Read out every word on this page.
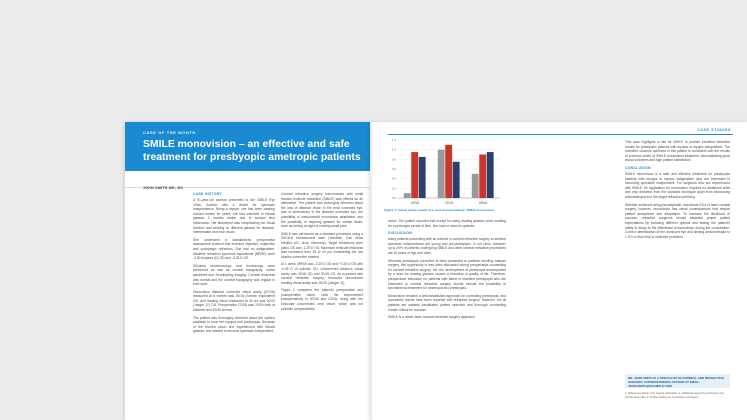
CASE OF THE MONTH
SMILE monovision – an effective and safe treatment for presbyopic ametropic patients
JOHN SMITH MD, DO
CASE HISTORY

A 51-year-old woman presented to the SMILE Eye Clinic, Austria, with a desire for spectacle independence. Being a myope, she had been wearing contact lenses for years, but had switched to bifocal glasses 2 months earlier due to contact lens intolerance. Her discomfort was complicating her visual function and working on different glasses for distance, intermediate and near vision.

She underwent a standardized preoperative assessment protocol that included objective, subjective and cycloplegic refraction. She had no astigmatism. Manifest refraction spherical equivalents (MRSE) were -3.50 dioptres (D) OD and -3.25 D OS.

Slit-lamp biomicroscopy and fundoscopy were performed as well as corneal topography, ocular wavefront and Scheimpflug imaging. Corneal thickness was normal and the corneal topography was regular in both eyes.

Monovision distance corrected visual acuity (DCVA) measured at 6 metres was 20/16 (Snellen equivalent) OU, and reading vision measured at 40 cm was 20/20 (Jaeger J1) OU. Preoperative CDVA was 20/16 both at distance and 20/25 at near.

The patient was thoroughly informed about the options available to treat her myopia and presbyopia. Because of the blurred vision she experienced with bifocal glasses, she wanted to become spectacle independent.

Corneal refractive surgery microincision with small incision lenticule extraction (SMILE) was offered as an alternative. The patient was thoroughly informed about the loss of distance vision in the near corrected eye, loss of stereovision in the distance corrected eye, the possibility of unsuccessful monovision adaptation, and the possibility of requiring glasses for certain tasks, such as driving at night or reading small print.

SMILE was performed as a standard procedure using a 500-kHz femtosecond laser (VisuMax, Carl Zeiss Meditec AG, Jena, Germany). Target refractions were plano OD and -1.25 D OS. Maximum lenticule thickness was increased from 35 to 40 µm considering the low dioptric correction needed.

At 1 week, MRSE was -0.25 D OD and +0.25 D OS with -0.25 D of cylinder OU. Uncorrected distance visual acuity was 20/40 OD and 20/16 OS. As expected with corneal refractive surgery, binocular uncorrected reading visual acuity was 20/25 (Jaeger J1).

Figure 1 compares the patient's preoperative and postoperative vision. Note the improvement postoperatively in UDVA and CDVA, along with her binocular uncorrected near vision, which was not possible preoperatively.

CASE STUDIES
0.0
0.2
0.4
0.6
0.8
1.0
1.2
UDVA	CDVA	UNVA
Figure 1: Visual acuity results pre- and postoperatively, SMILE monovision.

vision. The patient reported that except for using reading glasses when working for a prolonged period of time, she had no need for glasses.

DISCUSSION

Many patients presenting with an interest in corneal refractive surgery to achieve spectacle independence are young and pre-presbyopic. In our clinic, however, up to 20% of patients undergoing SMILE and other corneal refractive procedures are 40 years of age and older.

Whereas presbyopia correction is often presented to patients needing cataract surgery, this opportunity is less often discussed during preoperative counselling for corneal refractive surgery. Yet, the development of presbyopia accompanied by a need for reading glasses causes a reduction in quality of life. Therefore, preoperative education for patients with latent or manifest presbyopia who are interested in corneal refractive surgery should include the possibility of simultaneous treatment for ametropia and presbyopia.

Monovision remains a well-established approach for correcting presbyopia, and successful results have been reported with refractive surgery. However, not all patients are suitable candidates; patient selection and thorough counselling remain critical for success.

SMILE is a newer laser corneal refractive surgery approach.

This case highlights a role for SMILE to provide excellent refractive results for presbyopic patients with myopia or myopic astigmatism. The excellent outcome achieved in this patient is consistent with the results of previous series of SMILE monovision treatment, demonstrating good visual outcomes and high patient satisfaction.

CONCLUSION

SMILE monovision is a safe and effective treatment for presbyopic patients with myopia or myopic astigmatism who are interested in becoming spectacle independent. For surgeons who are experienced with SMILE, its application for monovision requires no additional skills and only deviation from the standard technique apart from introducing anisometropia into the target refraction planning.

Whether achieved using pseudophakic monofocal IOLs or laser corneal surgery, however, monovision has visual consequences that require patient acceptance and adaptation. To increase the likelihood of success, refractive surgeons should establish proper patient expectations by including different options and testing the patient's ability to adapt to the differential of monovision during the consultation. Correct identification of the dominant eye and limiting anisometropia to 1.5 D or less help to minimize problems.

DR. JOHN SMITH IS A SPECIALIST IN CORNEAL AND REFRACTIVE SURGERY. CORRESPONDING AUTHOR AT EMAIL: JOHN.SMITH@EXAMPLE.COM
1. References listed in the original publication. 2. Additional supporting references and clinical study data. 3. Further reading on monovision techniques.
